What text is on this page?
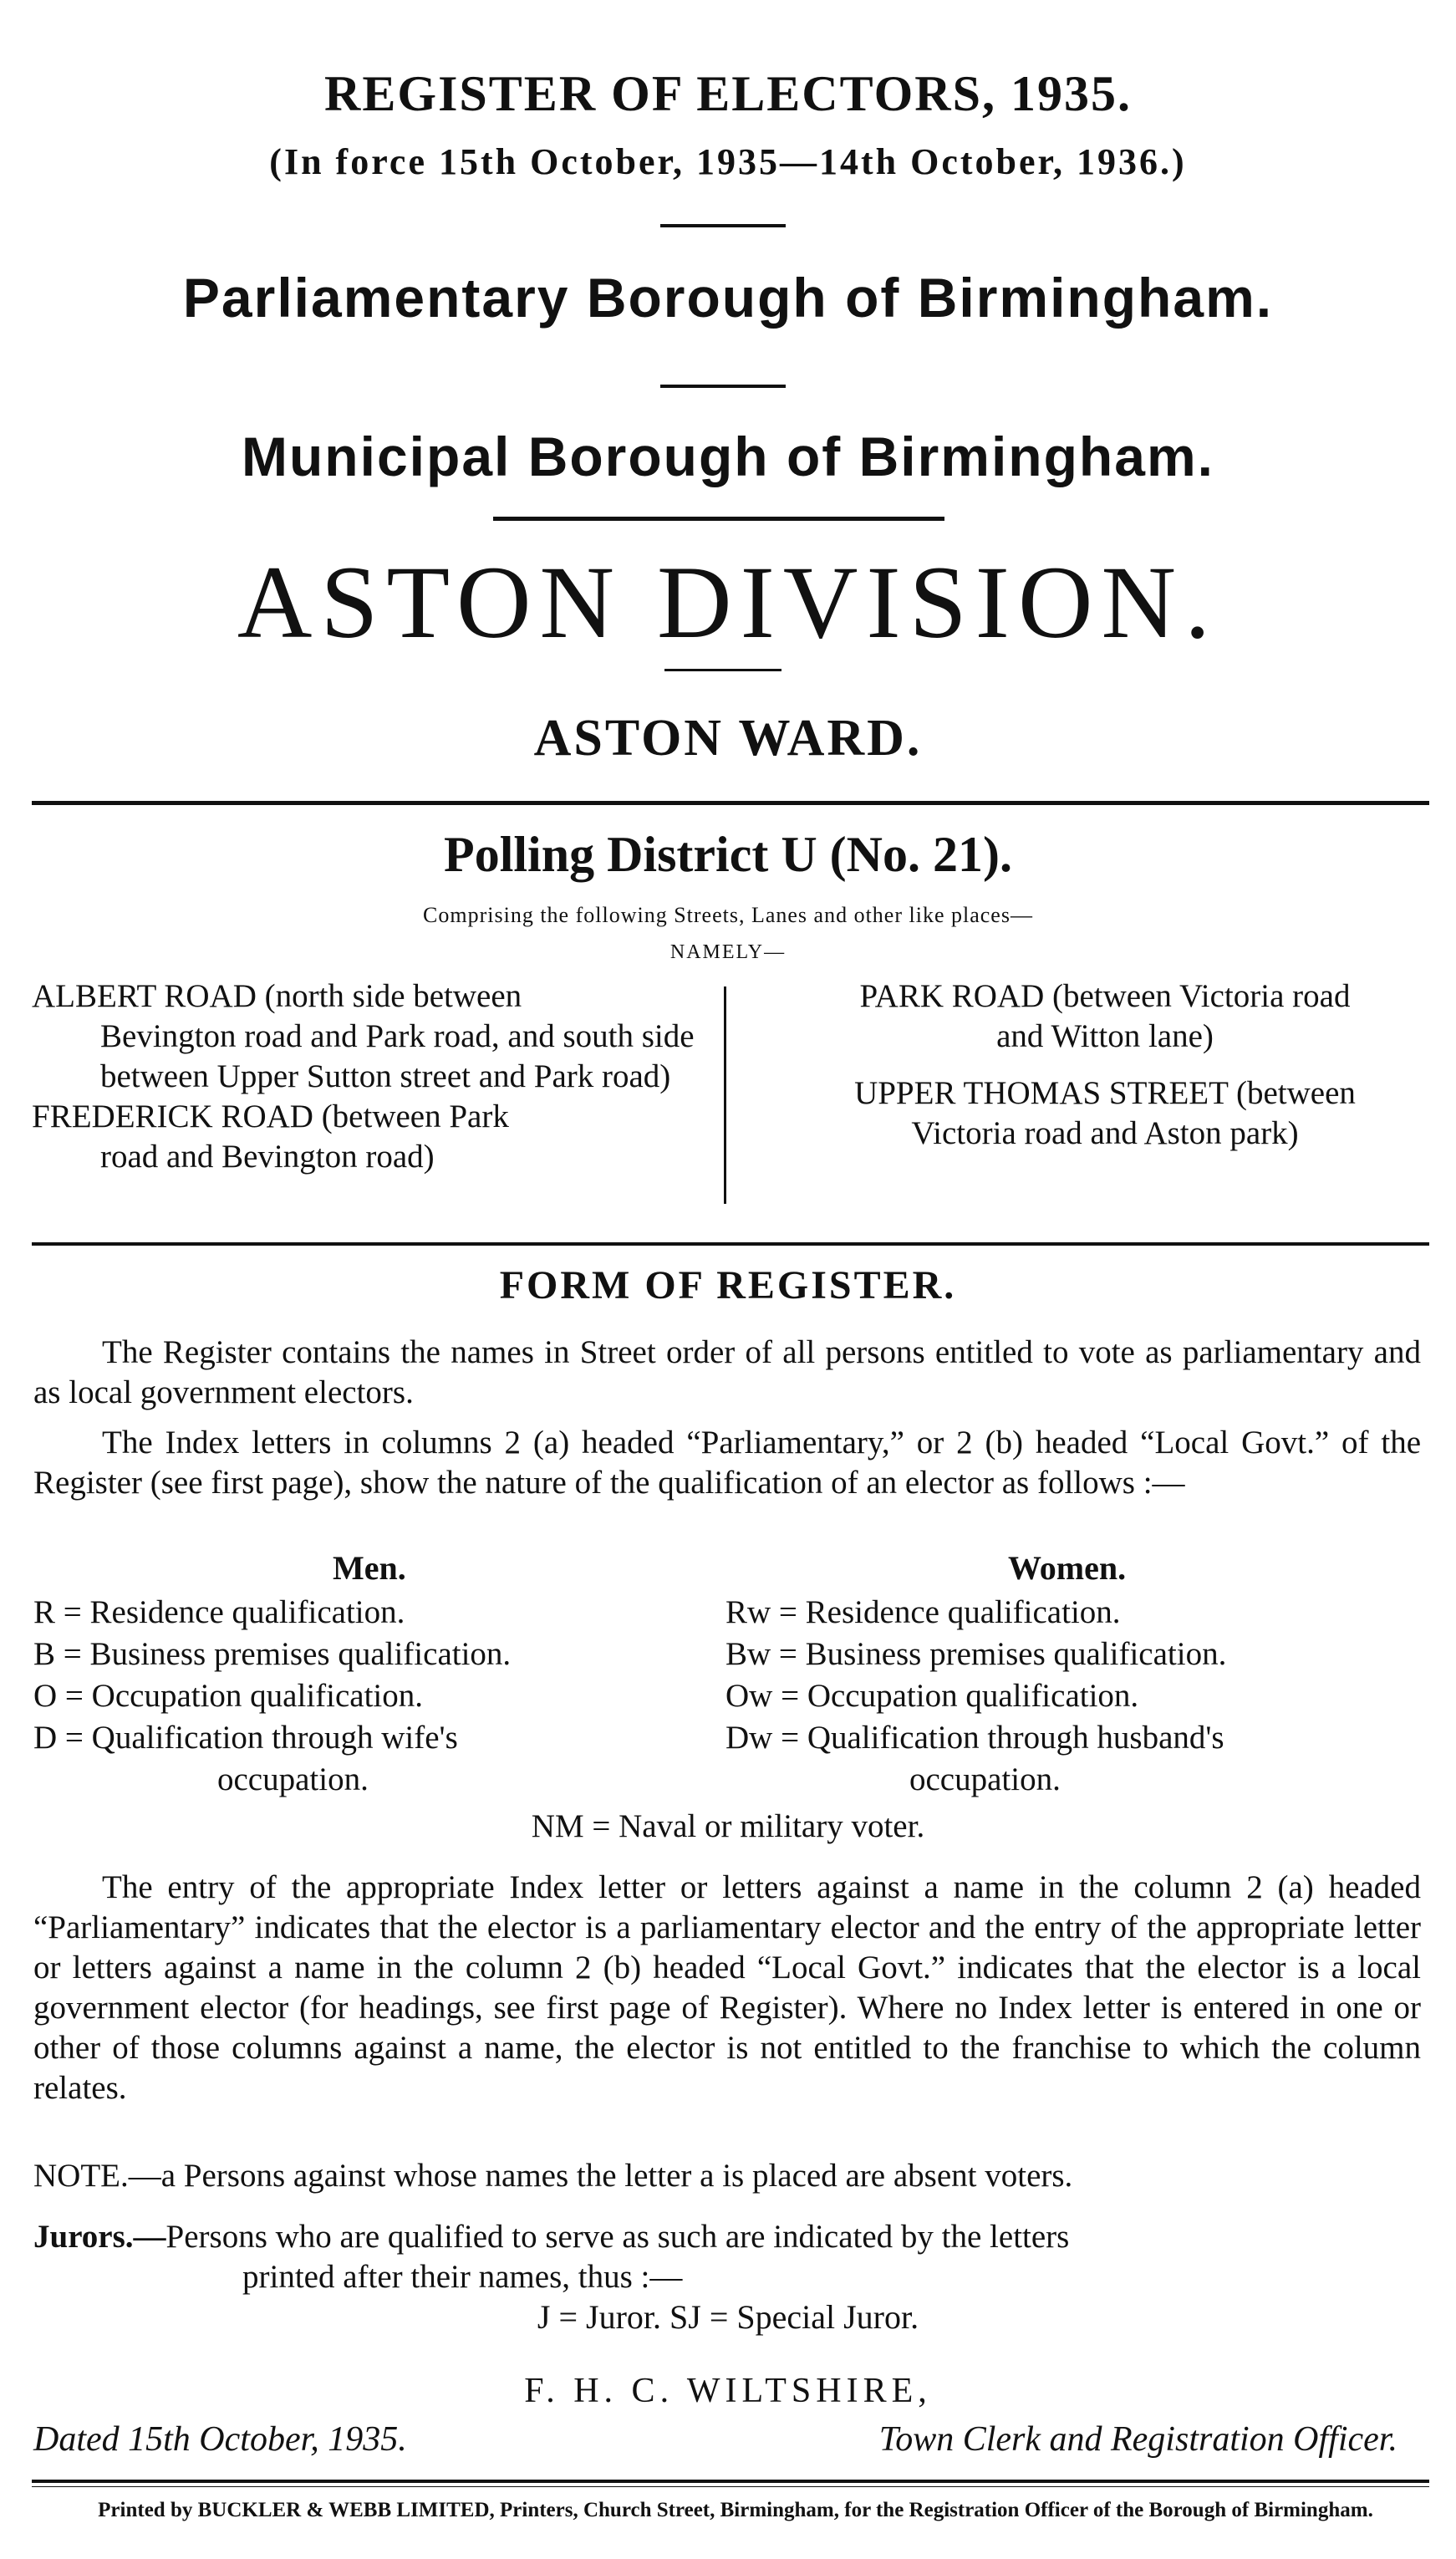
REGISTER OF ELECTORS, 1935.
(In force 15th October, 1935—14th October, 1936.)
Parliamentary Borough of Birmingham.
Municipal Borough of Birmingham.
ASTON DIVISION.
ASTON WARD.
Polling District U (No. 21).
Comprising the following Streets, Lanes and other like places—
NAMELY—
ALBERT ROAD (north side between
Bevington road and Park road, and south side between Upper Sutton street and Park road)
FREDERICK ROAD (between Park
road and Bevington road)
PARK ROAD (between Victoria road
and Witton lane)
UPPER THOMAS STREET (between
Victoria road and Aston park)
FORM OF REGISTER.
The Register contains the names in Street order of all persons entitled to vote as parliamentary and as local government electors.
The Index letters in columns 2 (a) headed “Parliamentary,” or 2 (b) headed “Local Govt.” of the Register (see first page), show the nature of the qualification of an elector as follows :—
Men.	Women.
R = Residence qualification.
B = Business premises qualification.
O = Occupation qualification.
D = Qualification through wife's
occupation.
Rw = Residence qualification.
Bw = Business premises qualification.
Ow = Occupation qualification.
Dw = Qualification through husband's
occupation.
NM = Naval or military voter.
The entry of the appropriate Index letter or letters against a name in the column 2 (a) headed “Parliamentary” indicates that the elector is a parliamentary elector and the entry of the appropriate letter or letters against a name in the column 2 (b) headed “Local Govt.” indicates that the elector is a local government elector (for headings, see first page of Register). Where no Index letter is entered in one or other of those columns against a name, the elector is not entitled to the franchise to which the column relates.
NOTE.—a Persons against whose names the letter a is placed are absent voters.
Jurors.—Persons who are qualified to serve as such are indicated by the letters
printed after their names, thus :—
J = Juror. SJ = Special Juror.
F. H. C. WILTSHIRE,
Dated 15th October, 1935.	Town Clerk and Registration Officer.
Printed by BUCKLER & WEBB LIMITED, Printers, Church Street, Birmingham, for the Registration Officer of the Borough of Birmingham.
